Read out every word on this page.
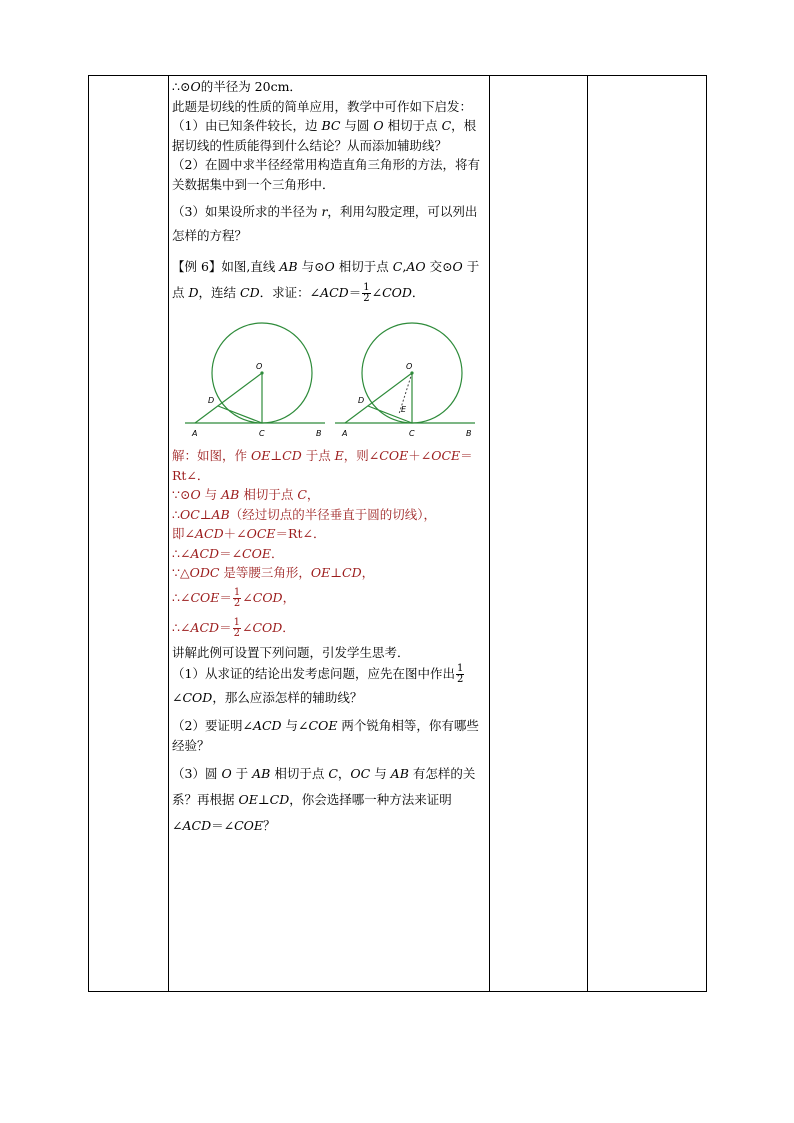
∴⊙O的半径为 20cm．

此题是切线的性质的简单应用，教学中可作如下启发：

（1）由已知条件较长，边 BC 与圆 O 相切于点 C，根据切线的性质能得到什么结论？从而添加辅助线？

（2）在圆中求半径经常用构造直角三角形的方法，将有关数据集中到一个三角形中．

（3）如果设所求的半径为 r，利用勾股定理，可以列出怎样的方程？

【例 6】如图,直线 AB 与⊙O 相切于点 C,AO 交⊙O 于点 D，连结 CD．求证：∠ACD＝ $\frac{1}{2}$ ∠COD．

O
D
A	C	B
O
D
E
A	C	B

解：如图，作 OE⊥CD 于点 E，则∠COE＋∠OCE＝Rt∠．

∵⊙O 与 AB 相切于点 C，

∴OC⊥AB（经过切点的半径垂直于圆的切线），

即∠ACD＋∠OCE＝Rt∠．

∴∠ACD＝∠COE．

∵△ODC 是等腰三角形，OE⊥CD，

∴∠COE＝ $\frac{1}{2}$ ∠COD，

∴∠ACD＝ $\frac{1}{2}$ ∠COD．

讲解此例可设置下列问题，引发学生思考．

（1）从求证的结论出发考虑问题，应先在图中作出 $\frac{1}{2}$
∠COD，那么应添怎样的辅助线？

（2）要证明∠ACD 与∠COE 两个锐角相等，你有哪些经验？

（3）圆 O 于 AB 相切于点 C，OC 与 AB 有怎样的关系？再根据 OE⊥CD，你会选择哪一种方法来证明∠ACD＝∠COE？
